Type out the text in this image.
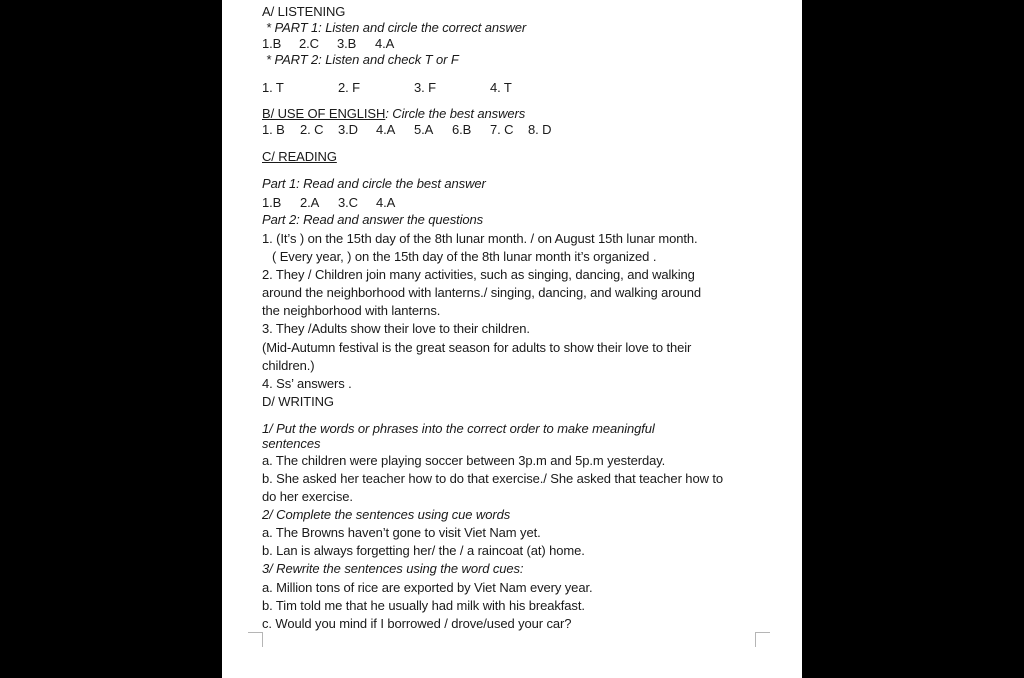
A/ LISTENING
* PART 1: Listen and circle the correct answer
1.B 2.C 3.B 4.A
* PART 2: Listen and check T or F
1. T	2. F	3. F	4. T
B/ USE OF ENGLISH: Circle the best answers
1. B 2. C 3.D 4.A 5.A 6.B 7. C 8. D
C/ READING
Part 1: Read and circle the best answer
1.B 2.A 3.C 4.A
Part 2: Read and answer the questions
1. (It’s ) on the 15th day of the 8th lunar month. / on August 15th lunar month.
( Every year, ) on the 15th day of the 8th lunar month it’s organized .
2. They / Children join many activities, such as singing, dancing, and walking
around the neighborhood with lanterns./ singing, dancing, and walking around
the neighborhood with lanterns.
3. They /Adults show their love to their children.
(Mid-Autumn festival is the great season for adults to show their love to their
children.)
4. Ss’ answers .
D/ WRITING
1/ Put the words or phrases into the correct order to make meaningful
sentences
a. The children were playing soccer between 3p.m and 5p.m yesterday.
b. She asked her teacher how to do that exercise./ She asked that teacher how to
do her exercise.
2/ Complete the sentences using cue words
a. The Browns haven’t gone to visit Viet Nam yet.
b. Lan is always forgetting her/ the / a raincoat (at) home.
3/ Rewrite the sentences using the word cues:
a. Million tons of rice are exported by Viet Nam every year.
b. Tim told me that he usually had milk with his breakfast.
c. Would you mind if I borrowed / drove/used your car?
